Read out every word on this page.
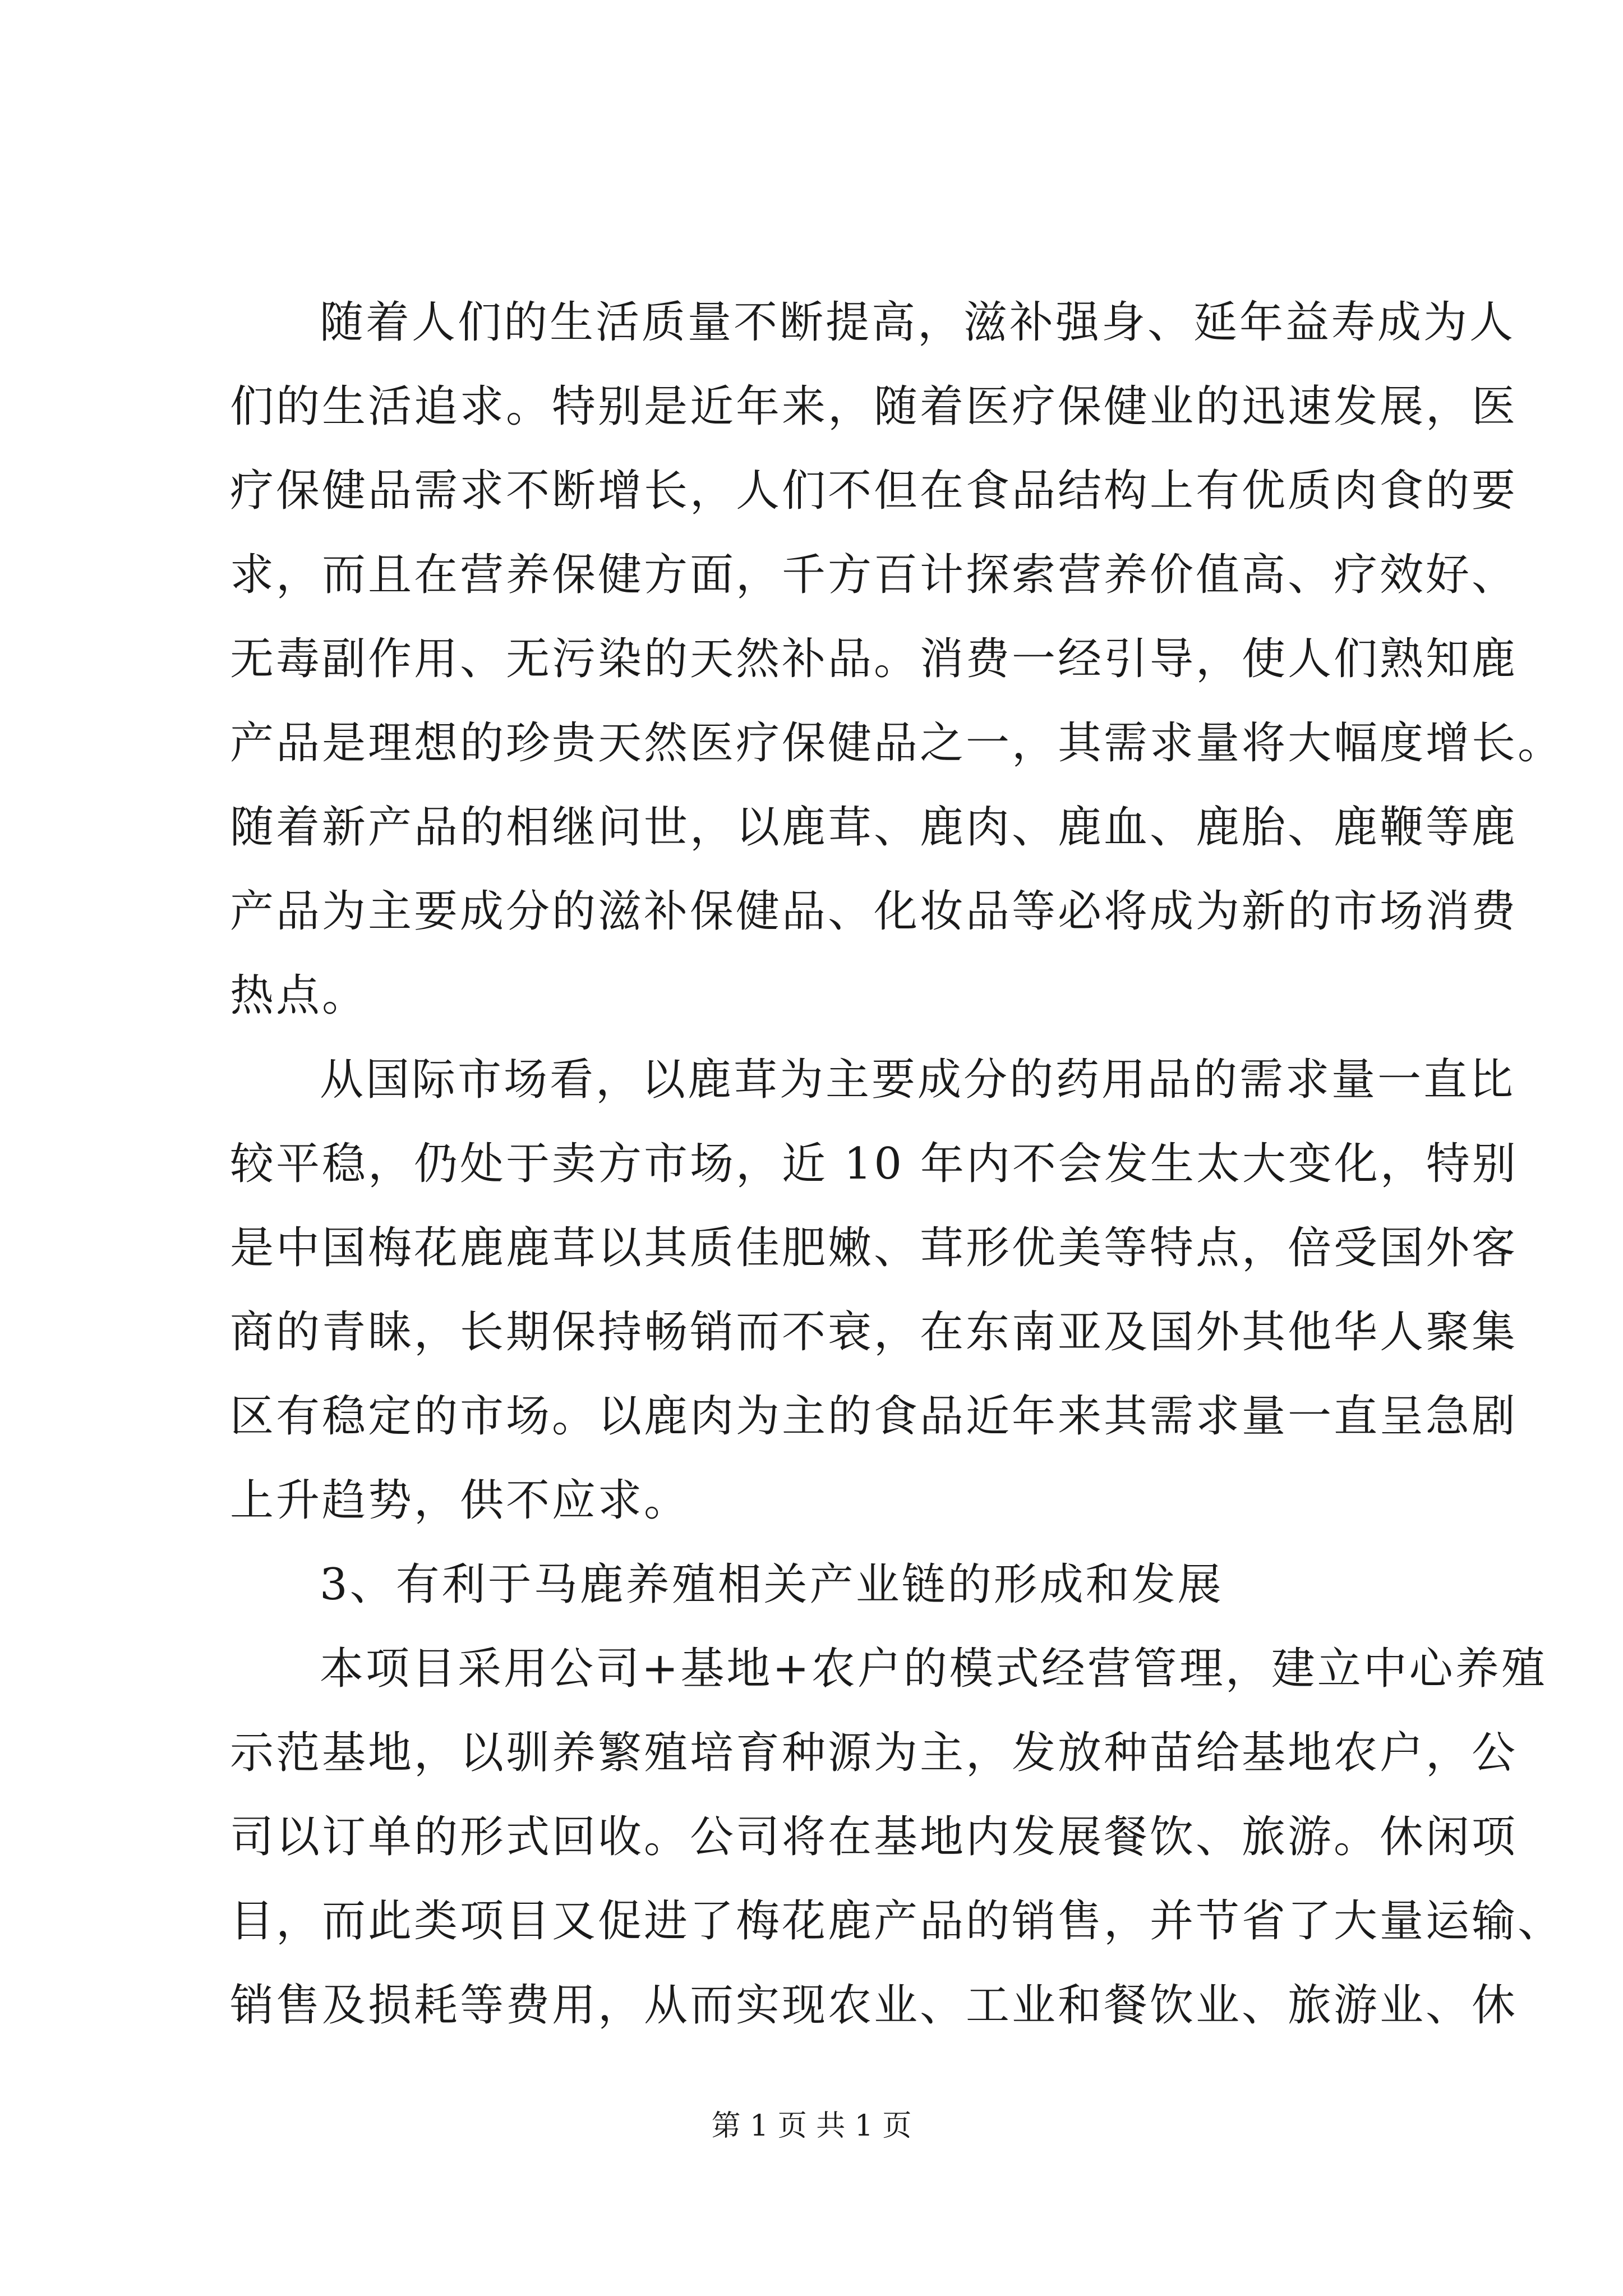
随着人们的生活质量不断提高，滋补强身、延年益寿成为人
们的生活追求。特别是近年来，随着医疗保健业的迅速发展，医
疗保健品需求不断增长，人们不但在食品结构上有优质肉食的要
求，而且在营养保健方面，千方百计探索营养价值高、疗效好、
无毒副作用、无污染的天然补品。消费一经引导，使人们熟知鹿
产品是理想的珍贵天然医疗保健品之一，其需求量将大幅度增长。
随着新产品的相继问世，以鹿茸、鹿肉、鹿血、鹿胎、鹿鞭等鹿
产品为主要成分的滋补保健品、化妆品等必将成为新的市场消费
热点。
从国际市场看，以鹿茸为主要成分的药用品的需求量一直比
较平稳，仍处于卖方市场，近 10 年内不会发生太大变化，特别
是中国梅花鹿鹿茸以其质佳肥嫩、茸形优美等特点，倍受国外客
商的青睐，长期保持畅销而不衰，在东南亚及国外其他华人聚集
区有稳定的市场。以鹿肉为主的食品近年来其需求量一直呈急剧
上升趋势，供不应求。
3、有利于马鹿养殖相关产业链的形成和发展
本项目采用公司+基地+农户的模式经营管理，建立中心养殖
示范基地，以驯养繁殖培育种源为主，发放种苗给基地农户，公
司以订单的形式回收。公司将在基地内发展餐饮、旅游。休闲项
目，而此类项目又促进了梅花鹿产品的销售，并节省了大量运输、
销售及损耗等费用，从而实现农业、工业和餐饮业、旅游业、休
第 1 页 共 1 页
